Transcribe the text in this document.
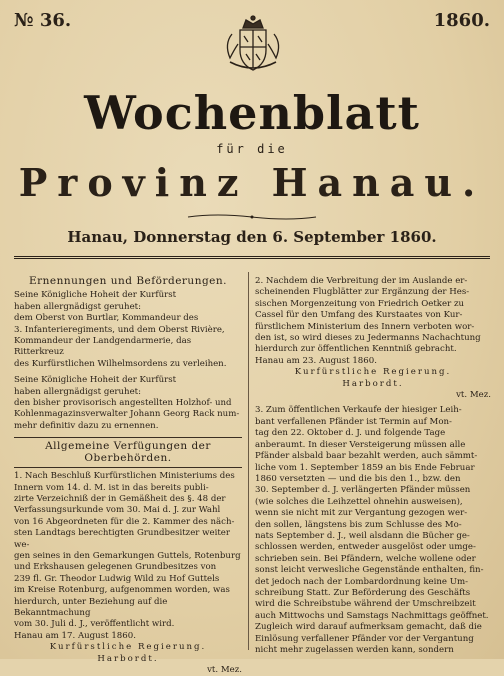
№ 36.	1860.
Wochenblatt
für die
Provinz Hanau.
Hanau, Donnerstag den 6. September 1860.

Ernennungen und Beförderungen.

Seine Königliche Hoheit der Kurfürst

haben allergnädigst geruhet:

dem Oberst von Burtlar, Kommandeur des

3. Infanterieregiments, und dem Oberst Rivière,

Kommandeur der Landgendarmerie, das Ritterkreuz

des Kurfürstlichen Wilhelmsordens zu verleihen.

Seine Königliche Hoheit der Kurfürst

haben allergnädigst geruhet:

den bisher provisorisch angestellten Holzhof- und

Kohlenmagazinsverwalter Johann Georg Rack num-

mehr definitiv dazu zu ernennen.

Allgemeine Verfügungen der Oberbehörden.

1. Nach Beschluß Kurfürstlichen Ministeriums des

Innern vom 14. d. M. ist in das bereits publi-

zirte Verzeichniß der in Gemäßheit des §. 48 der

Verfassungsurkunde vom 30. Mai d. J. zur Wahl

von 16 Abgeordneten für die 2. Kammer des näch-

sten Landtags berechtigten Grundbesitzer weiter we-

gen seines in den Gemarkungen Guttels, Rotenburg

und Erkshausen gelegenen Grundbesitzes von

239 fl. Gr. Theodor Ludwig Wild zu Hof Guttels

im Kreise Rotenburg, aufgenommen worden, was

hierdurch, unter Beziehung auf die Bekanntmachung

vom 30. Juli d. J., veröffentlicht wird.

Hanau am 17. August 1860.

Kurfürstliche Regierung.

Harbordt.

vt. Mez.

2. Nachdem die Verbreitung der im Auslande er-

scheinenden Flugblätter zur Ergänzung der Hes-

sischen Morgenzeitung von Friedrich Oetker zu

Cassel für den Umfang des Kurstaates von Kur-

fürstlichem Ministerium des Innern verboten wor-

den ist, so wird dieses zu Jedermanns Nachachtung

hierdurch zur öffentlichen Kenntniß gebracht.

Hanau am 23. August 1860.

Kurfürstliche Regierung.

Harbordt.

vt. Mez.

3. Zum öffentlichen Verkaufe der hiesiger Leih-

bant verfallenen Pfänder ist Termin auf Mon-

tag den 22. Oktober d. J. und folgende Tage

anberaumt. In dieser Versteigerung müssen alle

Pfänder alsbald baar bezahlt werden, auch sämmt-

liche vom 1. September 1859 an bis Ende Februar

1860 versetzten — und die bis den 1., bzw. den

30. September d. J. verlängerten Pfänder müssen

(wie solches die Leihzettel ohnehin ausweisen),

wenn sie nicht mit zur Vergantung gezogen wer-

den sollen, längstens bis zum Schlusse des Mo-

nats September d. J., weil alsdann die Bücher ge-

schlossen werden, entweder ausgelöst oder umge-

schrieben sein. Bei Pfändern, welche wollene oder

sonst leicht verwesliche Gegenstände enthalten, fin-

det jedoch nach der Lombardordnung keine Um-

schreibung Statt. Zur Beförderung des Geschäfts

wird die Schreibstube während der Umschreibzeit

auch Mittwochs und Samstags Nachmittags geöffnet.

Zugleich wird darauf aufmerksam gemacht, daß die

Einlösung verfallener Pfänder vor der Vergantung

nicht mehr zugelassen werden kann, sondern
